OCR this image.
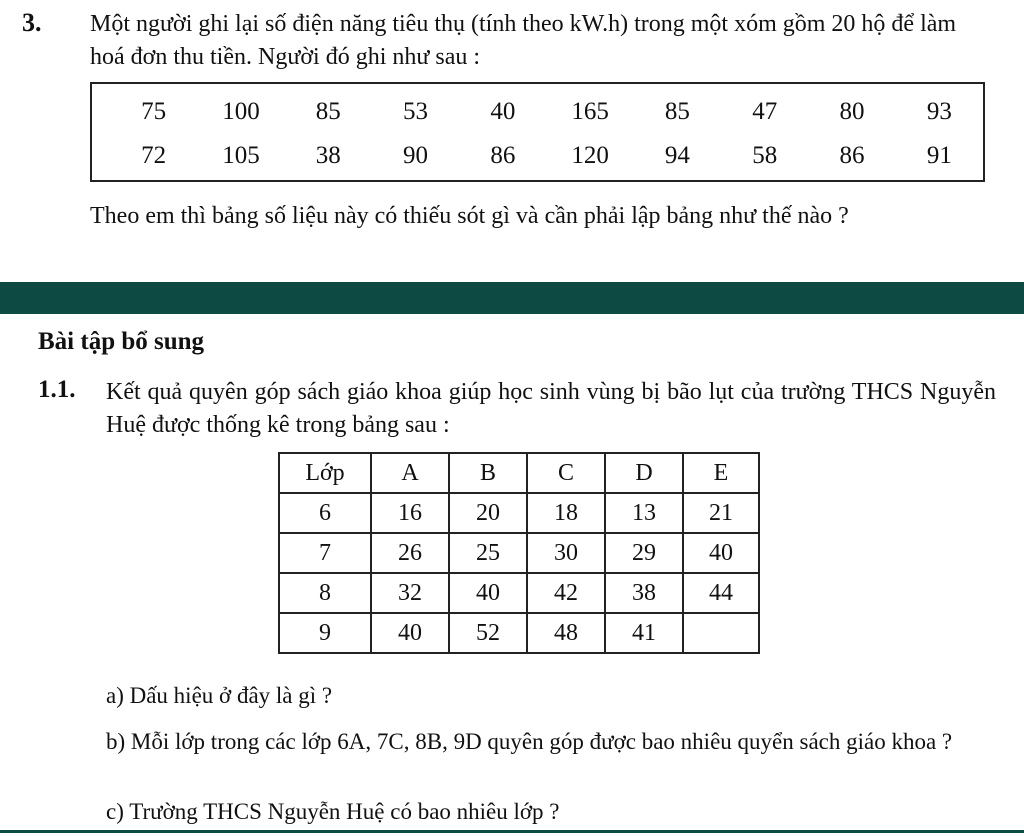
3. Một người ghi lại số điện năng tiêu thụ (tính theo kW.h) trong một xóm gồm 20 hộ để làm hoá đơn thu tiền. Người đó ghi như sau :
75	100	85	53	40	165	85	47	80	93
72	105	38	90	86	120	94	58	86	91
Theo em thì bảng số liệu này có thiếu sót gì và cần phải lập bảng như thế nào ?
Bài tập bổ sung
1.1. Kết quả quyên góp sách giáo khoa giúp học sinh vùng bị bão lụt của trường THCS Nguyễn Huệ được thống kê trong bảng sau :
Lớp	A	B	C	D	E
6	16	20	18	13	21
7	26	25	30	29	40
8	32	40	42	38	44
9	40	52	48	41	
a) Dấu hiệu ở đây là gì ?
b) Mỗi lớp trong các lớp 6A, 7C, 8B, 9D quyên góp được bao nhiêu quyển sách giáo khoa ?
c) Trường THCS Nguyễn Huệ có bao nhiêu lớp ?
